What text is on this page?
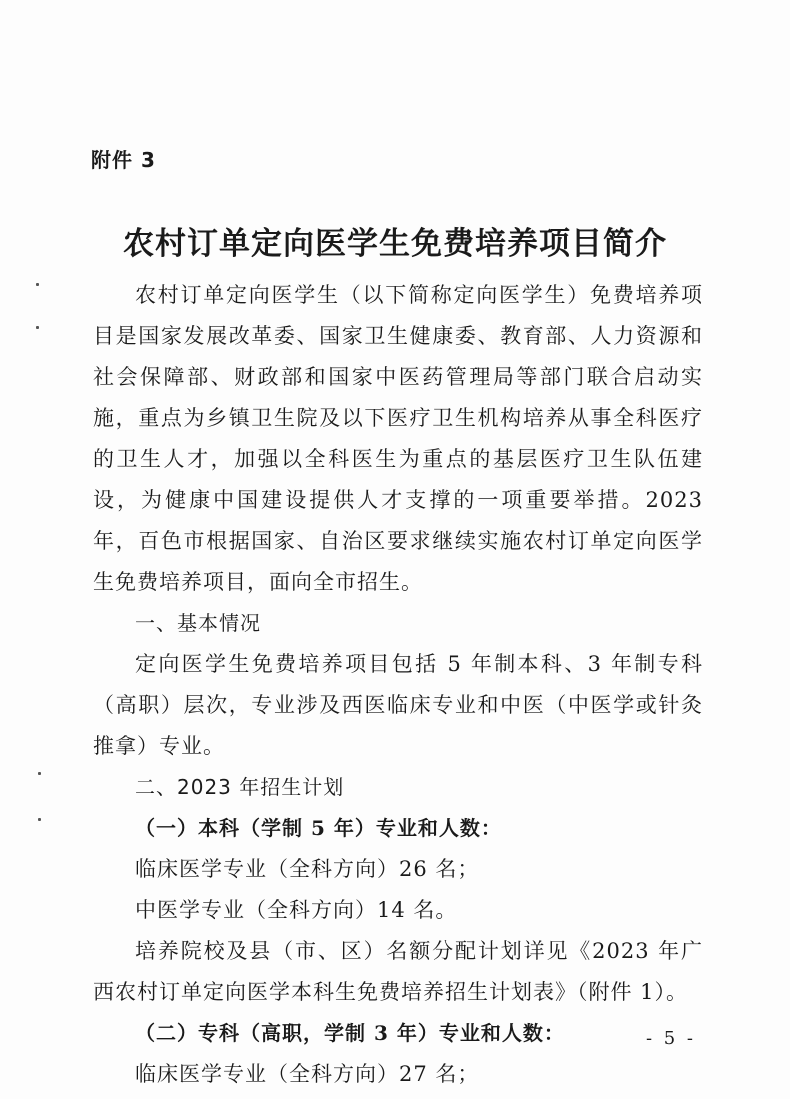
附件 3
农村订单定向医学生免费培养项目简介

农村订单定向医学生（以下简称定向医学生）免费培养项目是国家发展改革委、国家卫生健康委、教育部、人力资源和社会保障部、财政部和国家中医药管理局等部门联合启动实施，重点为乡镇卫生院及以下医疗卫生机构培养从事全科医疗的卫生人才，加强以全科医生为重点的基层医疗卫生队伍建设，为健康中国建设提供人才支撑的一项重要举措。2023 年，百色市根据国家、自治区要求继续实施农村订单定向医学生免费培养项目，面向全市招生。

一、基本情况

定向医学生免费培养项目包括 5 年制本科、3 年制专科（高职）层次，专业涉及西医临床专业和中医（中医学或针灸推拿）专业。

二、2023 年招生计划

（一）本科（学制 5 年）专业和人数：

临床医学专业（全科方向）26 名；

中医学专业（全科方向）14 名。

培养院校及县（市、区）名额分配计划详见《2023 年广西农村订单定向医学本科生免费培养招生计划表》（附件 1）。

（二）专科（高职，学制 3 年）专业和人数：

临床医学专业（全科方向）27 名；

- 5 -
